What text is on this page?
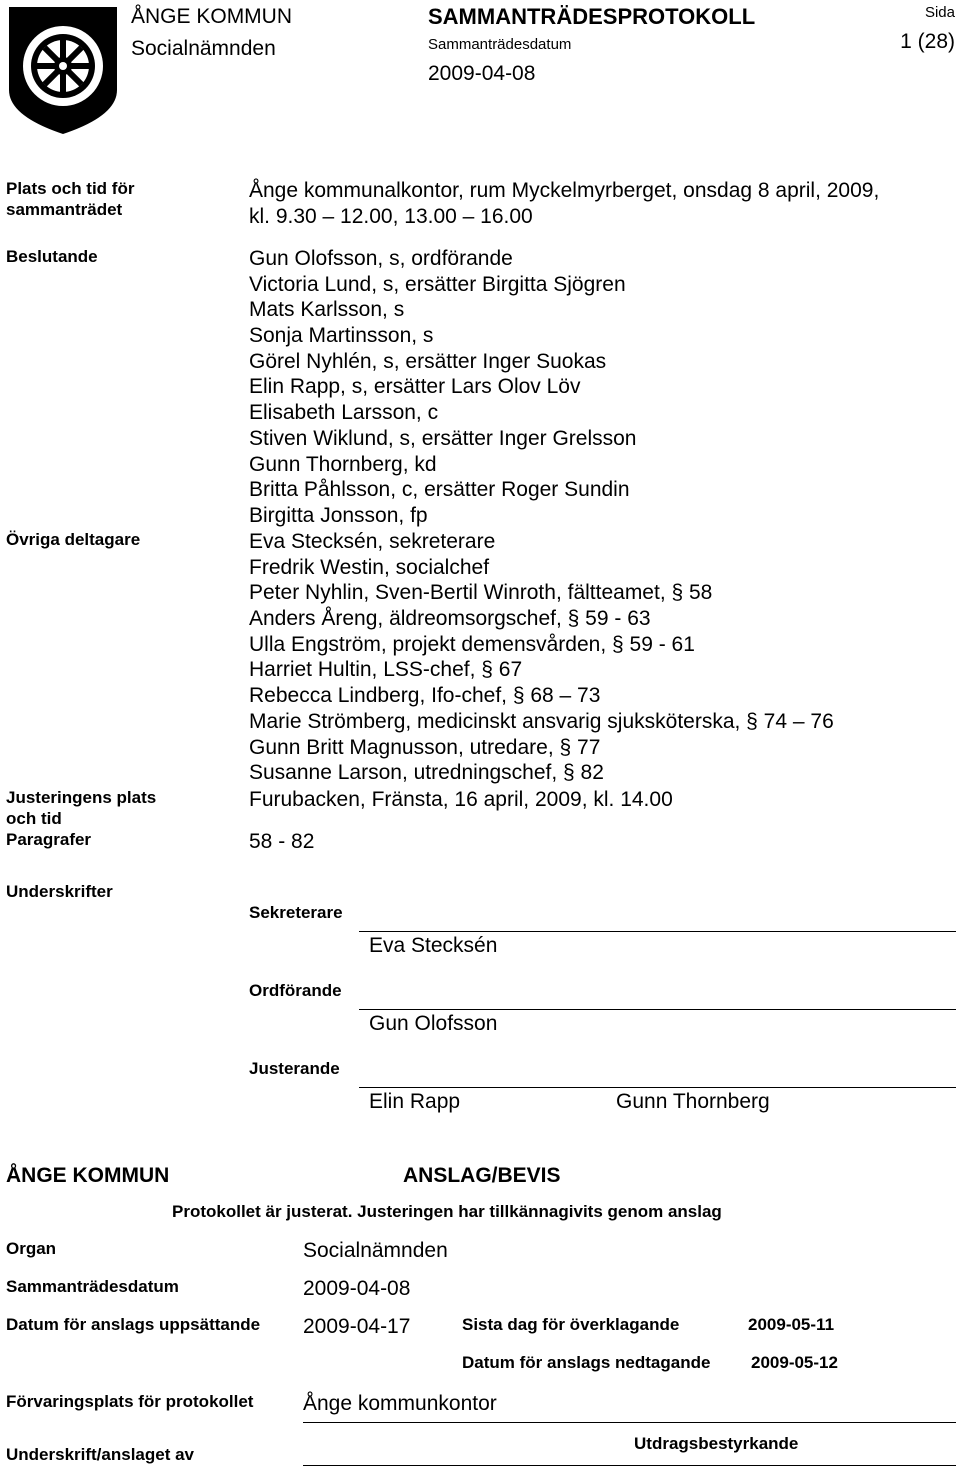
ÅNGE KOMMUN
Socialnämnden
SAMMANTRÄDESPROTOKOLL
Sammanträdesdatum
2009-04-08
Sida
1 (28)
Plats och tid för
sammanträdet
Ånge kommunalkontor, rum Myckelmyrberget, onsdag 8 april, 2009,
kl. 9.30 – 12.00, 13.00 – 16.00
Beslutande	Gun Olofsson, s, ordförande
Victoria Lund, s, ersätter Birgitta Sjögren
Mats Karlsson, s
Sonja Martinsson, s
Görel Nyhlén, s, ersätter Inger Suokas
Elin Rapp, s, ersätter Lars Olov Löv
Elisabeth Larsson, c
Stiven Wiklund, s, ersätter Inger Grelsson
Gunn Thornberg, kd
Britta Påhlsson, c, ersätter Roger Sundin
Birgitta Jonsson, fp
Övriga deltagare	Eva Stecksén, sekreterare
Fredrik Westin, socialchef
Peter Nyhlin, Sven-Bertil Winroth, fältteamet, § 58
Anders Åreng, äldreomsorgschef, § 59 - 63
Ulla Engström, projekt demensvården, § 59 - 61
Harriet Hultin, LSS-chef, § 67
Rebecca Lindberg, Ifo-chef, § 68 – 73
Marie Strömberg, medicinskt ansvarig sjuksköterska, § 74 – 76
Gunn Britt Magnusson, utredare, § 77
Susanne Larson, utredningschef, § 82
Justeringens plats
och tid
Furubacken, Fränsta, 16 april, 2009, kl. 14.00
Paragrafer	58 - 82
Underskrifter
Sekreterare
Eva Stecksén
Ordförande
Gun Olofsson
Justerande
Elin Rapp	Gunn Thornberg
ÅNGE KOMMUN	ANSLAG/BEVIS
Protokollet är justerat. Justeringen har tillkännagivits genom anslag
Organ	Socialnämnden
Sammanträdesdatum	2009-04-08
Datum för anslags uppsättande 2009-04-17	Sista dag för överklagande	2009-05-11
Datum för anslags nedtagande 2009-05-12
Förvaringsplats för protokollet Ånge kommunkontor
Utdragsbestyrkande
Underskrift/anslaget av
